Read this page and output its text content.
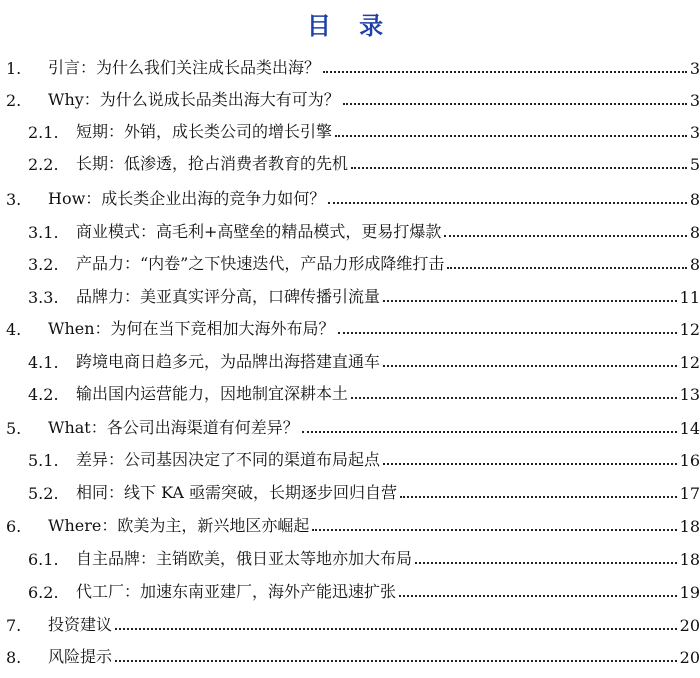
目 录
1.	引言：为什么我们关注成长品类出海？	3
2.	Why：为什么说成长品类出海大有可为？	3
2.1.	短期：外销，成长类公司的增长引擎	3
2.2.	长期：低渗透，抢占消费者教育的先机	5
3.	How：成长类企业出海的竞争力如何？	8
3.1.	商业模式：高毛利+高壁垒的精品模式，更易打爆款	8
3.2.	产品力：“内卷”之下快速迭代，产品力形成降维打击	8
3.3.	品牌力：美亚真实评分高，口碑传播引流量	11
4.	When：为何在当下竞相加大海外布局？	12
4.1.	跨境电商日趋多元，为品牌出海搭建直通车	12
4.2.	输出国内运营能力，因地制宜深耕本土	13
5.	What：各公司出海渠道有何差异？	14
5.1.	差异：公司基因决定了不同的渠道布局起点	16
5.2.	相同：线下 KA 亟需突破，长期逐步回归自营	17
6.	Where：欧美为主，新兴地区亦崛起	18
6.1.	自主品牌：主销欧美，俄日亚太等地亦加大布局	18
6.2.	代工厂：加速东南亚建厂，海外产能迅速扩张	19
7.	投资建议	20
8.	风险提示	20
